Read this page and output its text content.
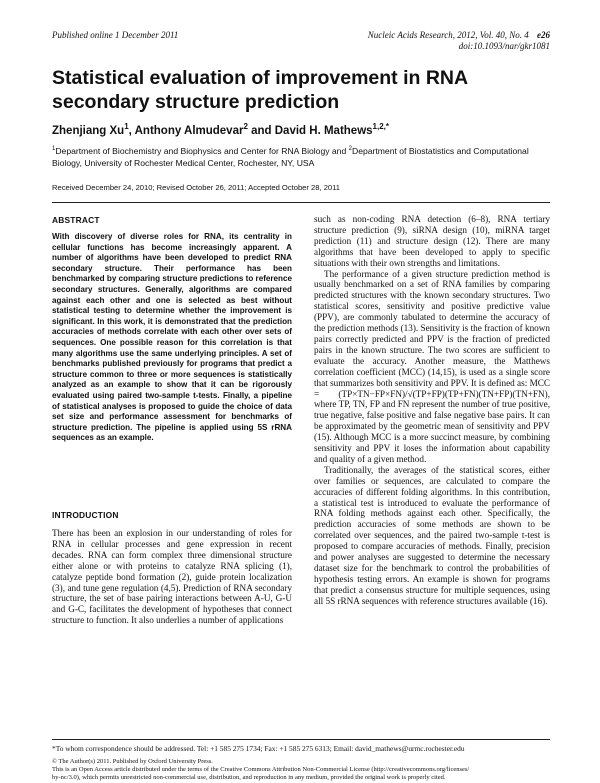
Published online 1 December 2011	Nucleic Acids Research, 2012, Vol. 40, No. 4 e26
doi:10.1093/nar/gkr1081
Statistical evaluation of improvement in RNA secondary structure prediction
Zhenjiang Xu$^1$, Anthony Almudevar$^2$ and David H. Mathews$^{1,2,*}$
$^1$Department of Biochemistry and Biophysics and Center for RNA Biology and $^2$Department of Biostatistics and Computational Biology, University of Rochester Medical Center, Rochester, NY, USA
Received December 24, 2010; Revised October 26, 2011; Accepted October 28, 2011
ABSTRACT
With discovery of diverse roles for RNA, its centrality in cellular functions has become increasingly apparent. A number of algorithms have been developed to predict RNA secondary structure. Their performance has been benchmarked by comparing structure predictions to reference secondary structures. Generally, algorithms are compared against each other and one is selected as best without statistical testing to determine whether the improvement is significant. In this work, it is demonstrated that the prediction accuracies of methods correlate with each other over sets of sequences. One possible reason for this correlation is that many algorithms use the same underlying principles. A set of benchmarks published previously for programs that predict a structure common to three or more sequences is statistically analyzed as an example to show that it can be rigorously evaluated using paired two-sample t-tests. Finally, a pipeline of statistical analyses is proposed to guide the choice of data set size and performance assessment for benchmarks of structure prediction. The pipeline is applied using 5S rRNA sequences as an example.
INTRODUCTION

There has been an explosion in our understanding of roles for RNA in cellular processes and gene expression in recent decades. RNA can form complex three dimensional structure either alone or with proteins to catalyze RNA splicing (1), catalyze peptide bond formation (2), guide protein localization (3), and tune gene regulation (4,5). Prediction of RNA secondary structure, the set of base pairing interactions between A-U, G-U and G-C, facilitates the development of hypotheses that connect structure to function. It also underlies a number of applications

such as non-coding RNA detection (6–8), RNA tertiary structure prediction (9), siRNA design (10), miRNA target prediction (11) and structure design (12). There are many algorithms that have been developed to apply to specific situations with their own strengths and limitations.

The performance of a given structure prediction method is usually benchmarked on a set of RNA families by comparing predicted structures with the known secondary structures. Two statistical scores, sensitivity and positive predictive value (PPV), are commonly tabulated to determine the accuracy of the prediction methods (13). Sensitivity is the fraction of known pairs correctly predicted and PPV is the fraction of predicted pairs in the known structure. The two scores are sufficient to evaluate the accuracy. Another measure, the Matthews correlation coefficient (MCC) (14,15), is used as a single score that summarizes both sensitivity and PPV. It is defined as: MCC = (TP×TN−FP×FN)/√(TP+FP)(TP+FN)(TN+FP)(TN+FN), where TP, TN, FP and FN represent the number of true positive, true negative, false positive and false negative base pairs. It can be approximated by the geometric mean of sensitivity and PPV (15). Although MCC is a more succinct measure, by combining sensitivity and PPV it loses the information about capability and quality of a given method.

Traditionally, the averages of the statistical scores, either over families or sequences, are calculated to compare the accuracies of different folding algorithms. In this contribution, a statistical test is introduced to evaluate the performance of RNA folding methods against each other. Specifically, the prediction accuracies of some methods are shown to be correlated over sequences, and the paired two-sample t-test is proposed to compare accuracies of methods. Finally, precision and power analyses are suggested to determine the necessary dataset size for the benchmark to control the probabilities of hypothesis testing errors. An example is shown for programs that predict a consensus structure for multiple sequences, using all 5S rRNA sequences with reference structures available (16).

*To whom correspondence should be addressed. Tel: +1 585 275 1734; Fax: +1 585 275 6313; Email: david_mathews@urmc.rochester.edu
© The Author(s) 2011. Published by Oxford University Press.
This is an Open Access article distributed under the terms of the Creative Commons Attribution Non-Commercial License (http://creativecommons.org/licenses/
by-nc/3.0), which permits unrestricted non-commercial use, distribution, and reproduction in any medium, provided the original work is properly cited.
